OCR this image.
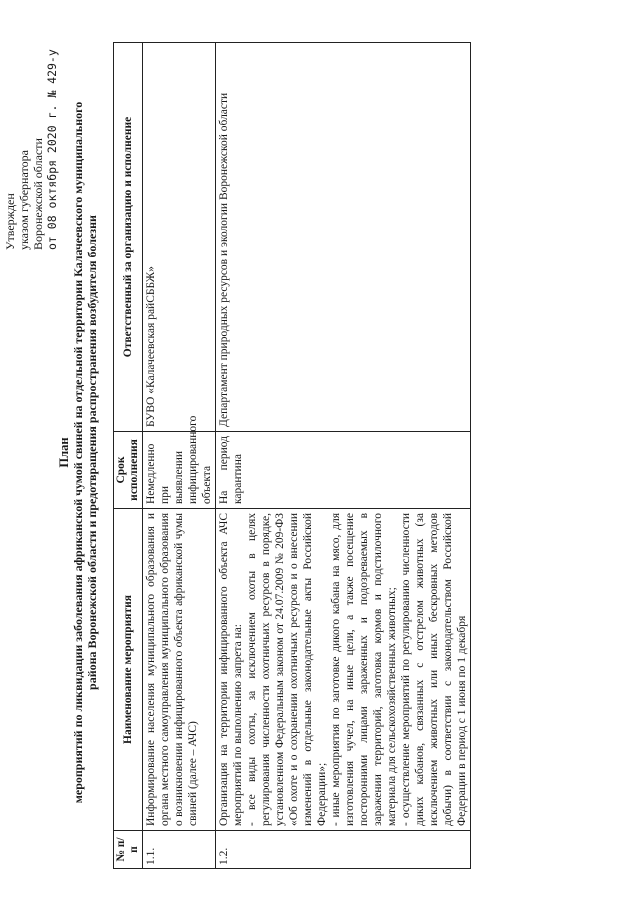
Утвержден указом губернатора Воронежской области от 08 октября 2020 г. № 429-у
План мероприятий по ликвидации заболевания африканской чумой свиней на отдельной территории Калачеевского муниципального района Воронежской области и предотвращения распространения возбудителя болезни
№ п/п	Наименование мероприятия	Срок исполнения	Ответственный за организацию и исполнение
1.1.	Информирование населения муниципального образования и органа местного самоуправления муниципального образования о возникновении инфицированного объекта африканской чумы свиней (далее – АЧС)	Немедленно при выявлении инфицированного объекта	БУВО «Калачеевская райСББЖ»
1.2.	Организация на территории инфицированного объекта АЧС мероприятий по выполнению запрета на: - все виды охоты, за исключением охоты в целях регулирования численности охотничьих ресурсов в порядке, установленном Федеральным законом от 24.07.2009 № 209-ФЗ «Об охоте и о сохранении охотничьих ресурсов и о внесении изменений в отдельные законодательные акты Российской Федерации»; - иные мероприятия по заготовке дикого кабана на мясо, для изготовления чучел, на иные цели, а также посещение посторонними лицами зараженных и подозреваемых в заражении территорий, заготовка кормов и подстилочного материала для сельскохозяйственных животных; - осуществление мероприятий по регулированию численности диких кабанов, связанных с отстрелом животных (за исключением животных или иных бескровных методов добычи) в соответствии с законодательством Российской Федерации в период с 1 июня по 1 декабря	На период карантина	Департамент природных ресурсов и экологии Воронежской области
